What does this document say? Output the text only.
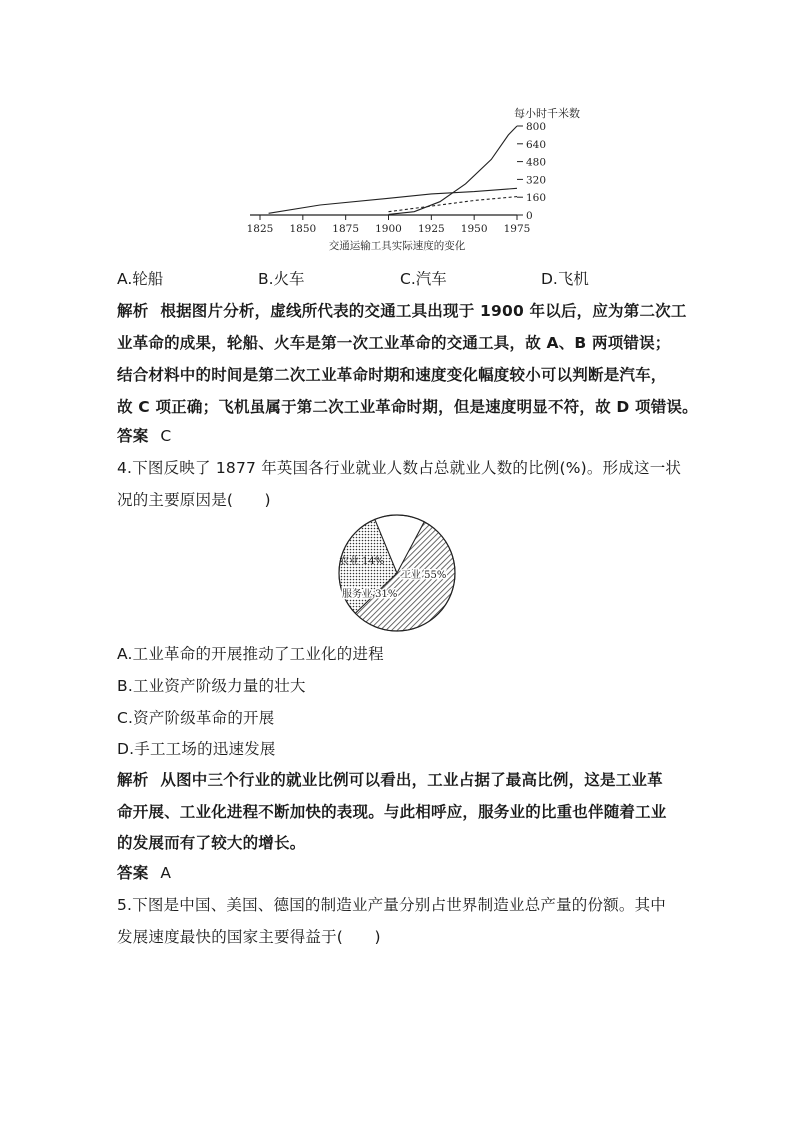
800
640
480
320
160
0
1825 1850 1875 1900 1925 1950 1975
每小时千米数
交通运输工具实际速度的变化
A.轮船	B.火车	C.汽车	D.飞机
解析 根据图片分析，虚线所代表的交通工具出现于 1900 年以后，应为第二次工
业革命的成果，轮船、火车是第一次工业革命的交通工具，故 A、B 两项错误；
结合材料中的时间是第二次工业革命时期和速度变化幅度较小可以判断是汽车，
故 C 项正确；飞机虽属于第二次工业革命时期，但是速度明显不符，故 D 项错误。
答案 C
4.下图反映了 1877 年英国各行业就业人数占总就业人数的比例(%)。形成这一状
况的主要原因是(　　)
工业 55%
服务业 31%
农业 14%
A.工业革命的开展推动了工业化的进程
B.工业资产阶级力量的壮大
C.资产阶级革命的开展
D.手工工场的迅速发展
解析 从图中三个行业的就业比例可以看出，工业占据了最高比例，这是工业革
命开展、工业化进程不断加快的表现。与此相呼应，服务业的比重也伴随着工业
的发展而有了较大的增长。
答案 A
5.下图是中国、美国、德国的制造业产量分别占世界制造业总产量的份额。其中
发展速度最快的国家主要得益于(　　)
